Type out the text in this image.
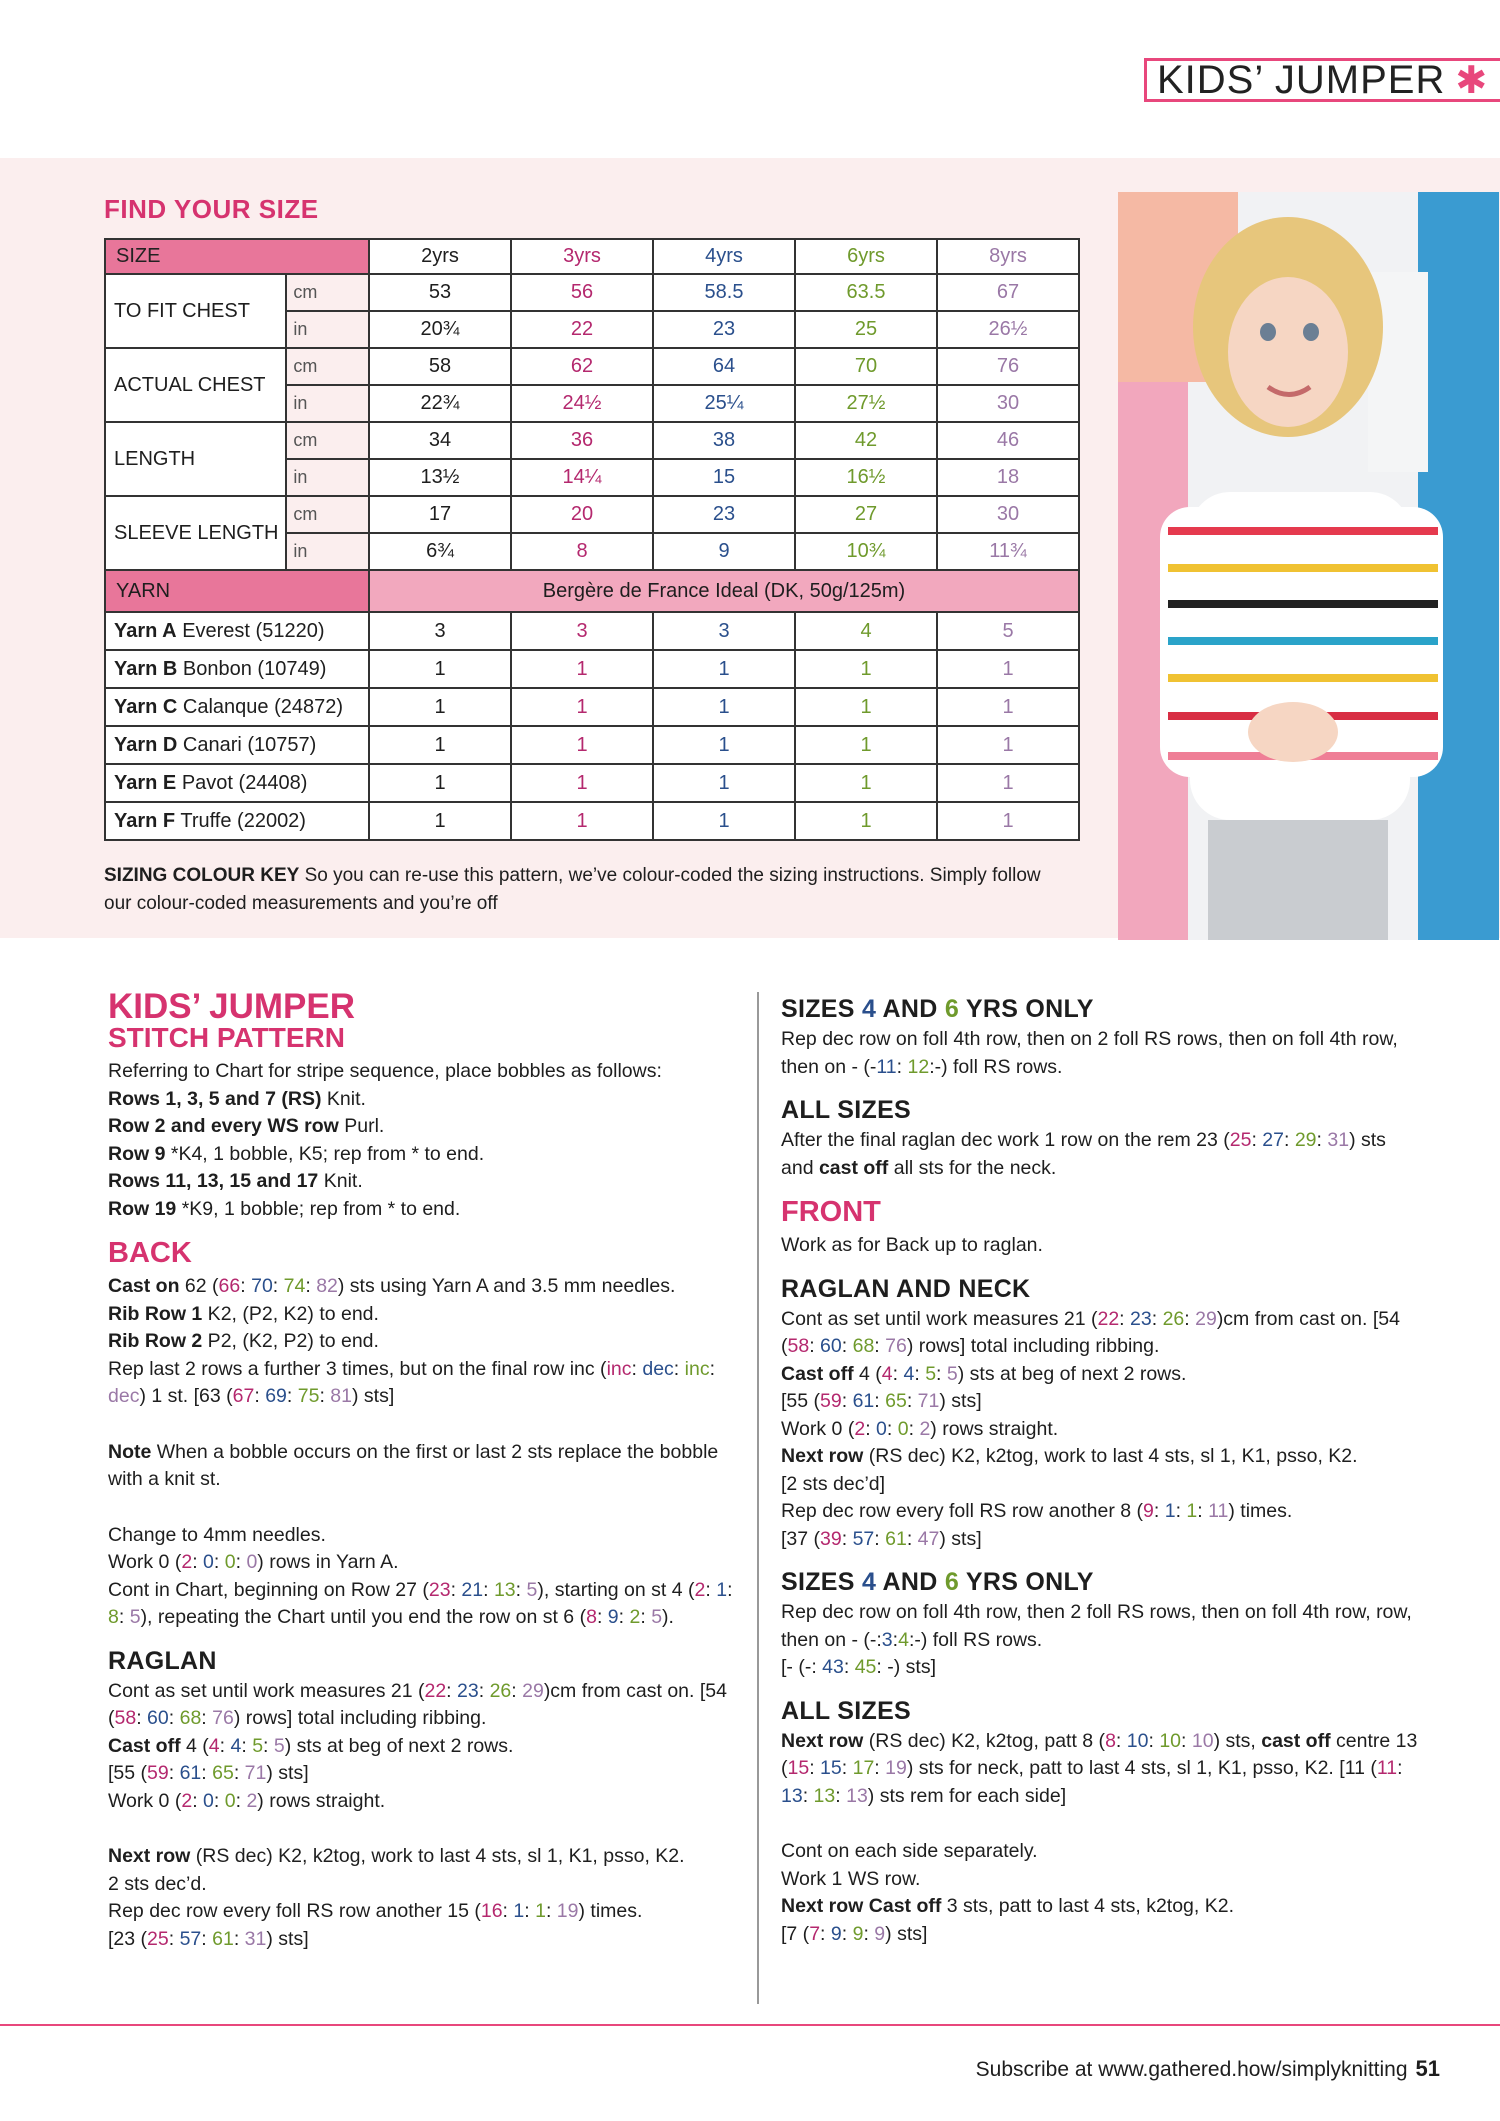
KIDS’ JUMPER ✱
FIND YOUR SIZE
SIZE		2yrs	3yrs	4yrs	6yrs	8yrs
TO FIT CHEST	cm	53	56	58.5	63.5	67
	in	20¾	22	23	25	26½
ACTUAL CHEST	cm	58	62	64	70	76
	in	22¾	24½	25¼	27½	30
LENGTH	cm	34	36	38	42	46
	in	13½	14¼	15	16½	18
SLEEVE LENGTH	cm	17	20	23	27	30
	in	6¾	8	9	10¾	11¾
YARN		Bergère de France Ideal (DK, 50g/125m)				
Yarn A Everest (51220)		3	3	3	4	5
Yarn B Bonbon (10749)		1	1	1	1	1
Yarn C Calanque (24872)		1	1	1	1	1
Yarn D Canari (10757)		1	1	1	1	1
Yarn E Pavot (24408)		1	1	1	1	1
Yarn F Truffe (22002)		1	1	1	1	1
SIZING COLOUR KEY So you can re-use this pattern, we’ve colour-coded the sizing instructions. Simply follow our colour-coded measurements and you’re off
KIDS’ JUMPER
STITCH PATTERN

Referring to Chart for stripe sequence, place bobbles as follows:

Rows 1, 3, 5 and 7 (RS) Knit.

Row 2 and every WS row Purl.

Row 9 *K4, 1 bobble, K5; rep from * to end.

Rows 11, 13, 15 and 17 Knit.

Row 19 *K9, 1 bobble; rep from * to end.

BACK

Cast on 62 (66: 70: 74: 82) sts using Yarn A and 3.5 mm needles.

Rib Row 1 K2, (P2, K2) to end.

Rib Row 2 P2, (K2, P2) to end.

Rep last 2 rows a further 3 times, but on the final row inc (inc: dec: inc: dec) 1 st. [63 (67: 69: 75: 81) sts]

Note When a bobble occurs on the first or last 2 sts replace the bobble with a knit st.

Change to 4mm needles.

Work 0 (2: 0: 0: 0) rows in Yarn A.

Cont in Chart, beginning on Row 27 (23: 21: 13: 5), starting on st 4 (2: 1: 8: 5), repeating the Chart until you end the row on st 6 (8: 9: 2: 5).

RAGLAN

Cont as set until work measures 21 (22: 23: 26: 29)cm from cast on. [54 (58: 60: 68: 76) rows] total including ribbing.

Cast off 4 (4: 4: 5: 5) sts at beg of next 2 rows.

[55 (59: 61: 65: 71) sts]

Work 0 (2: 0: 0: 2) rows straight.

Next row (RS dec) K2, k2tog, work to last 4 sts, sl 1, K1, psso, K2.

2 sts dec’d.

Rep dec row every foll RS row another 15 (16: 1: 1: 19) times.

[23 (25: 57: 61: 31) sts]

SIZES 4 AND 6 YRS ONLY

Rep dec row on foll 4th row, then on 2 foll RS rows, then on foll 4th row, then on - (-11: 12:-) foll RS rows.

ALL SIZES

After the final raglan dec work 1 row on the rem 23 (25: 27: 29: 31) sts and cast off all sts for the neck.

FRONT

Work as for Back up to raglan.

RAGLAN AND NECK

Cont as set until work measures 21 (22: 23: 26: 29)cm from cast on. [54 (58: 60: 68: 76) rows] total including ribbing.

Cast off 4 (4: 4: 5: 5) sts at beg of next 2 rows.

[55 (59: 61: 65: 71) sts]

Work 0 (2: 0: 0: 2) rows straight.

Next row (RS dec) K2, k2tog, work to last 4 sts, sl 1, K1, psso, K2.

[2 sts dec’d]

Rep dec row every foll RS row another 8 (9: 1: 1: 11) times.

[37 (39: 57: 61: 47) sts]

SIZES 4 AND 6 YRS ONLY

Rep dec row on foll 4th row, then 2 foll RS rows, then on foll 4th row, row, then on - (-:3:4:-) foll RS rows.

[- (-: 43: 45: -) sts]

ALL SIZES

Next row (RS dec) K2, k2tog, patt 8 (8: 10: 10: 10) sts, cast off centre 13 (15: 15: 17: 19) sts for neck, patt to last 4 sts, sl 1, K1, psso, K2. [11 (11: 13: 13: 13) sts rem for each side]

Cont on each side separately.

Work 1 WS row.

Next row Cast off 3 sts, patt to last 4 sts, k2tog, K2.

[7 (7: 9: 9: 9) sts]

Subscribe at www.gathered.how/simplyknitting 51
